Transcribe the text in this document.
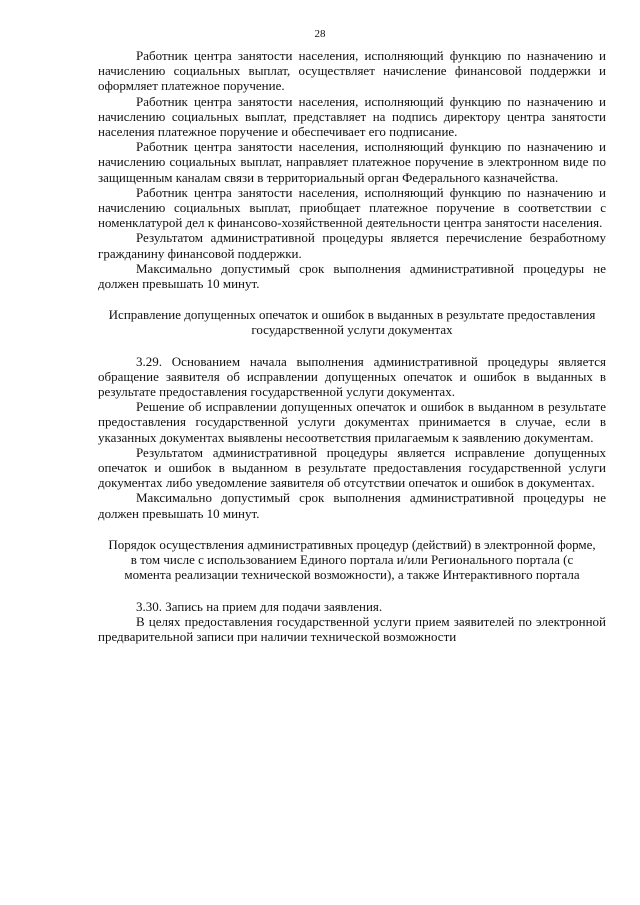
28

Работник центра занятости населения, исполняющий функцию по назначению и начислению социальных выплат, осуществляет начисление финансовой поддержки и оформляет платежное поручение.

Работник центра занятости населения, исполняющий функцию по назначению и начислению социальных выплат, представляет на подпись директору центра занятости населения платежное поручение и обеспечивает его подписание.

Работник центра занятости населения, исполняющий функцию по назначению и начислению социальных выплат, направляет платежное поручение в электронном виде по защищенным каналам связи в территориальный орган Федерального казначейства.

Работник центра занятости населения, исполняющий функцию по назначению и начислению социальных выплат, приобщает платежное поручение в соответствии с номенклатурой дел к финансово-хозяйственной деятельности центра занятости населения.

Результатом административной процедуры является перечисление безработному гражданину финансовой поддержки.

Максимально допустимый срок выполнения административной процедуры не должен превышать 10 минут.

Исправление допущенных опечаток и ошибок в выданных в результате предоставления государственной услуги документах

3.29. Основанием начала выполнения административной процедуры является обращение заявителя об исправлении допущенных опечаток и ошибок в выданных в результате предоставления государственной услуги документах.

Решение об исправлении допущенных опечаток и ошибок в выданном в результате предоставления государственной услуги документах принимается в случае, если в указанных документах выявлены несоответствия прилагаемым к заявлению документам.

Результатом административной процедуры является исправление допущенных опечаток и ошибок в выданном в результате предоставления государственной услуги документах либо уведомление заявителя об отсутствии опечаток и ошибок в документах.

Максимально допустимый срок выполнения административной процедуры не должен превышать 10 минут.

Порядок осуществления административных процедур (действий) в электронной форме, в том числе с использованием Единого портала и/или Регионального портала (с момента реализации технической возможности), а также Интерактивного портала

3.30. Запись на прием для подачи заявления.

В целях предоставления государственной услуги прием заявителей по электронной предварительной записи при наличии технической возможности
